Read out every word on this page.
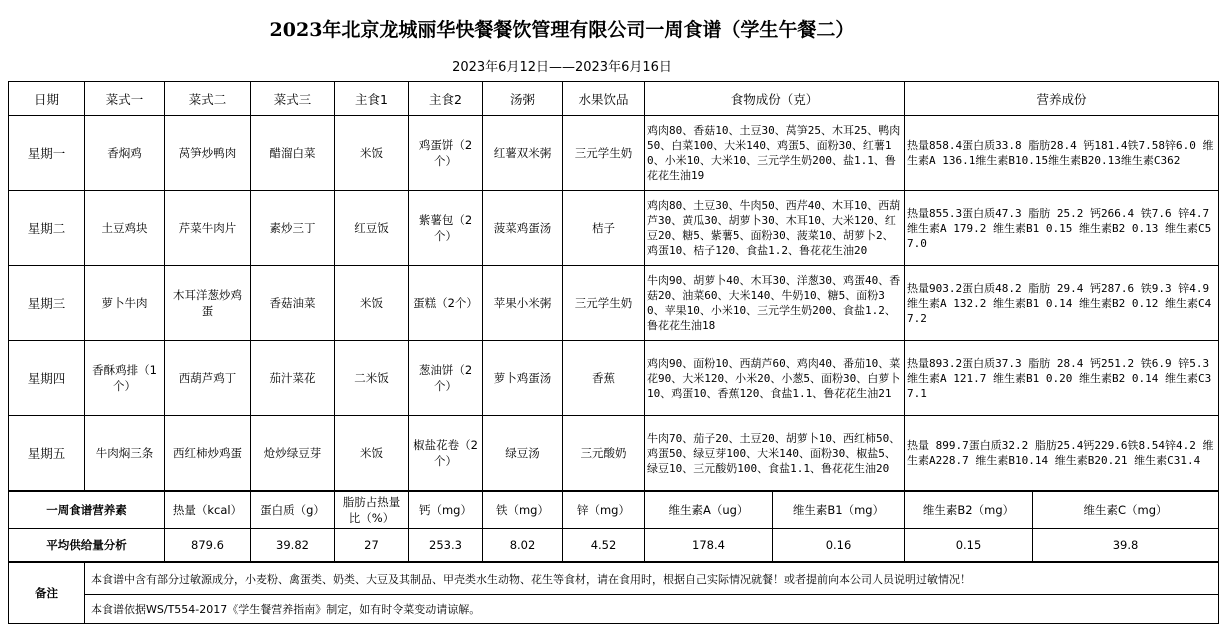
2023年北京龙城丽华快餐餐饮管理有限公司一周食谱（学生午餐二）
2023年6月12日——2023年6月16日
日期	菜式一	菜式二	菜式三	主食1	主食2	汤粥	水果饮品	食物成份（克）		营养成份	
星期一	香焖鸡	莴笋炒鸭肉	醋溜白菜	米饭	鸡蛋饼（2个）	红薯双米粥	三元学生奶	鸡肉80、香菇10、土豆30、莴笋25、木耳25、鸭肉50、白菜100、大米140、鸡蛋5、面粉30、红薯10、小米10、大米10、三元学生奶200、盐1.1、鲁花花生油19		热量858.4蛋白质33.8 脂肪28.4 钙181.4铁7.58锌6.0 维生素A 136.1维生素B10.15维生素B20.13维生素C362	
星期二	土豆鸡块	芹菜牛肉片	素炒三丁	红豆饭	紫薯包（2个）	菠菜鸡蛋汤	桔子	鸡肉80、土豆30、牛肉50、西芹40、木耳10、西葫芦30、黄瓜30、胡萝卜30、木耳10、大米120、红豆20、糖5、紫薯5、面粉30、菠菜10、胡萝卜2、鸡蛋10、桔子120、食盐1.2、鲁花花生油20		热量855.3蛋白质47.3 脂肪 25.2 钙266.4 铁7.6 锌4.7 维生素A 179.2 维生素B1 0.15 维生素B2 0.13 维生素C57.0	
星期三	萝卜牛肉	木耳洋葱炒鸡蛋	香菇油菜	米饭	蛋糕（2个）	苹果小米粥	三元学生奶	牛肉90、胡萝卜40、木耳30、洋葱30、鸡蛋40、香菇20、油菜60、大米140、牛奶10、糖5、面粉30、苹果10、小米10、三元学生奶200、食盐1.2、鲁花花生油18		热量903.2蛋白质48.2 脂肪 29.4 钙287.6 铁9.3 锌4.9 维生素A 132.2 维生素B1 0.14 维生素B2 0.12 维生素C47.2	
星期四	香酥鸡排（1个）	西葫芦鸡丁	茄汁菜花	二米饭	葱油饼（2个）	萝卜鸡蛋汤	香蕉	鸡肉90、面粉10、西葫芦60、鸡肉40、番茄10、菜花90、大米120、小米20、小葱5、面粉30、白萝卜10、鸡蛋10、香蕉120、食盐1.1、鲁花花生油21		热量893.2蛋白质37.3 脂肪 28.4 钙251.2 铁6.9 锌5.3 维生素A 121.7 维生素B1 0.20 维生素B2 0.14 维生素C37.1	
星期五	牛肉焖三条	西红柿炒鸡蛋	炝炒绿豆芽	米饭	椒盐花卷（2个）	绿豆汤	三元酸奶	牛肉70、茄子20、土豆20、胡萝卜10、西红柿50、鸡蛋50、绿豆芽100、大米140、面粉30、椒盐5、绿豆10、三元酸奶100、食盐1.1、鲁花花生油20		热量 899.7蛋白质32.2 脂肪25.4钙229.6铁8.54锌4.2 维生素A228.7 维生素B10.14 维生素B20.21 维生素C31.4	
一周食谱营养素		热量（kcal）	蛋白质（g）	脂肪占热量比（%）	钙（mg）	铁（mg）	锌（mg）	维生素A（ug）	维生素B1（mg）	维生素B2（mg）	维生素C（mg）
平均供给量分析		879.6	39.82	27	253.3	8.02	4.52	178.4	0.16	0.15	39.8
备注	本食谱中含有部分过敏源成分，小麦粉、禽蛋类、奶类、大豆及其制品、甲壳类水生动物、花生等食材，请在食用时，根据自己实际情况就餐！或者提前向本公司人员说明过敏情况！										
	本食谱依据WS/T554-2017《学生餐营养指南》制定，如有时令菜变动请谅解。										
